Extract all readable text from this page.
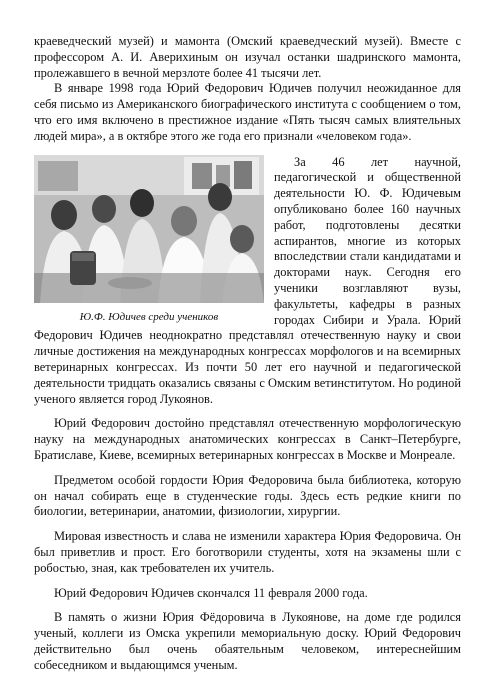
краеведческий музей) и мамонта (Омский краеведческий музей). Вместе с профессором А. И. Аверихиным он изучал останки шадринского мамонта, пролежавшего в вечной мерзлоте более 41 тысячи лет.

В январе 1998 года Юрий Федорович Юдичев получил неожиданное для себя письмо из Американского биографического института с сообщением о том, что его имя включено в престижное издание «Пять тысяч самых влиятельных людей мира», а в октябре этого же года его признали «человеком года».

Ю.Ф. Юдичев среди учеников

За 46 лет научной, педагогической и общественной деятельности Ю. Ф. Юдичевым опубликовано более 160 научных работ, подготовлены десятки аспирантов, многие из которых впоследствии стали кандидатами и докторами наук. Сегодня его ученики возглавляют вузы, факультеты, кафедры в разных городах Сибири и Урала. Юрий Федорович Юдичев неоднократно представлял отечественную науку и свои личные достижения на международных конгрессах морфологов и на всемирных ветеринарных конгрессах. Из почти 50 лет его научной и педагогической деятельности тридцать оказались связаны с Омским ветинститутом. Но родиной ученого является город Лукоянов.

Юрий Федорович достойно представлял отечественную морфологическую науку на международных анатомических конгрессах в Санкт–Петербурге, Братиславе, Киеве, всемирных ветеринарных конгрессах в Москве и Монреале.

Предметом особой гордости Юрия Федоровича была библиотека, которую он начал собирать еще в студенческие годы. Здесь есть редкие книги по биологии, ветеринарии, анатомии, физиологии, хирургии.

Мировая известность и слава не изменили характера Юрия Федоровича. Он был приветлив и прост. Его боготворили студенты, хотя на экзамены шли с робостью, зная, как требователен их учитель.

Юрий Федорович Юдичев скончался 11 февраля 2000 года.

В память о жизни Юрия Фёдоровича в Лукоянове, на доме где родился ученый, коллеги из Омска укрепили мемориальную доску. Юрий Федорович действительно был очень обаятельным человеком, интереснейшим собеседником и выдающимся ученым.
